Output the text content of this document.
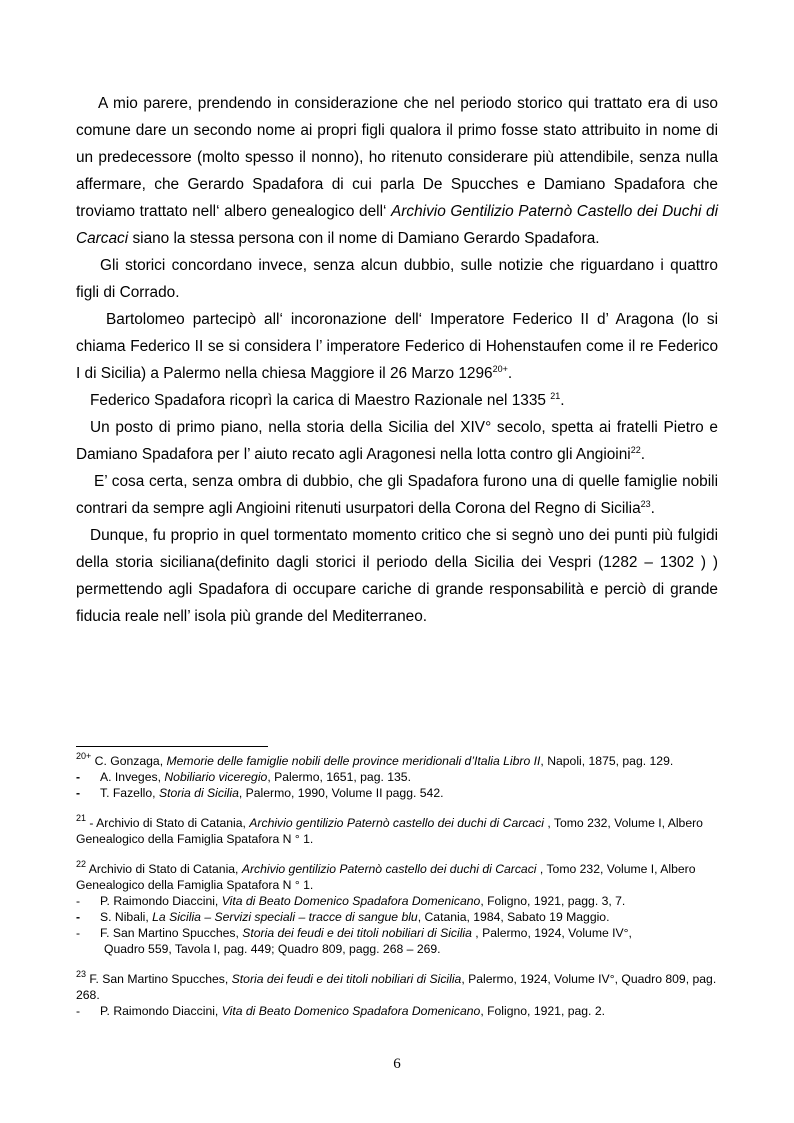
A mio parere, prendendo in considerazione che nel periodo storico qui trattato era di uso comune dare un secondo nome ai propri figli qualora il primo fosse stato attribuito in nome di un predecessore (molto spesso il nonno), ho ritenuto considerare più attendibile, senza nulla affermare, che Gerardo Spadafora di cui parla De Spucches e Damiano Spadafora che troviamo trattato nell‘ albero genealogico dell‘ Archivio Gentilizio Paternò Castello dei Duchi di Carcaci siano la stessa persona con il nome di Damiano Gerardo Spadafora.

Gli storici concordano invece, senza alcun dubbio, sulle notizie che riguardano i quattro figli di Corrado.

Bartolomeo partecipò all‘ incoronazione dell‘ Imperatore Federico II d’ Aragona (lo si chiama Federico II se si considera l’ imperatore Federico di Hohenstaufen come il re Federico I di Sicilia) a Palermo nella chiesa Maggiore il 26 Marzo $1296^{20+}$.

Federico Spadafora ricoprì la carica di Maestro Razionale nel 1335 $^{21}$.

Un posto di primo piano, nella storia della Sicilia del XIV° secolo, spetta ai fratelli Pietro e Damiano Spadafora per l’ aiuto recato agli Aragonesi nella lotta contro gli Angioini$^{22}$.

E’ cosa certa, senza ombra di dubbio, che gli Spadafora furono una di quelle famiglie nobili contrari da sempre agli Angioini ritenuti usurpatori della Corona del Regno di Sicilia$^{23}$.

Dunque, fu proprio in quel tormentato momento critico che si segnò uno dei punti più fulgidi della storia siciliana(definito dagli storici il periodo della Sicilia dei Vespri (1282 – 1302 ) ) permettendo agli Spadafora di occupare cariche di grande responsabilità e perciò di grande fiducia reale nell’ isola più grande del Mediterraneo.

$^{20+}$ C. Gonzaga, Memorie delle famiglie nobili delle province meridionali d’Italia Libro II, Napoli, 1875, pag. 129.

- A. Inveges, Nobiliario viceregio, Palermo, 1651, pag. 135.

- T. Fazello, Storia di Sicilia, Palermo, 1990, Volume II pagg. 542.

$^{21}$ - Archivio di Stato di Catania, Archivio gentilizio Paternò castello dei duchi di Carcaci , Tomo 232, Volume I, Albero Genealogico della Famiglia Spatafora N ° 1.

$^{22}$ Archivio di Stato di Catania, Archivio gentilizio Paternò castello dei duchi di Carcaci , Tomo 232, Volume I, Albero Genealogico della Famiglia Spatafora N ° 1.

- P. Raimondo Diaccini, Vita di Beato Domenico Spadafora Domenicano, Foligno, 1921, pagg. 3, 7.

- S. Nibali, La Sicilia – Servizi speciali – tracce di sangue blu, Catania, 1984, Sabato 19 Maggio.

- F. San Martino Spucches, Storia dei feudi e dei titoli nobiliari di Sicilia , Palermo, 1924, Volume IV°,

Quadro 559, Tavola I, pag. 449; Quadro 809, pagg. 268 – 269.

$^{23}$ F. San Martino Spucches, Storia dei feudi e dei titoli nobiliari di Sicilia, Palermo, 1924, Volume IV°, Quadro 809, pag. 268.

- P. Raimondo Diaccini, Vita di Beato Domenico Spadafora Domenicano, Foligno, 1921, pag. 2.

6
